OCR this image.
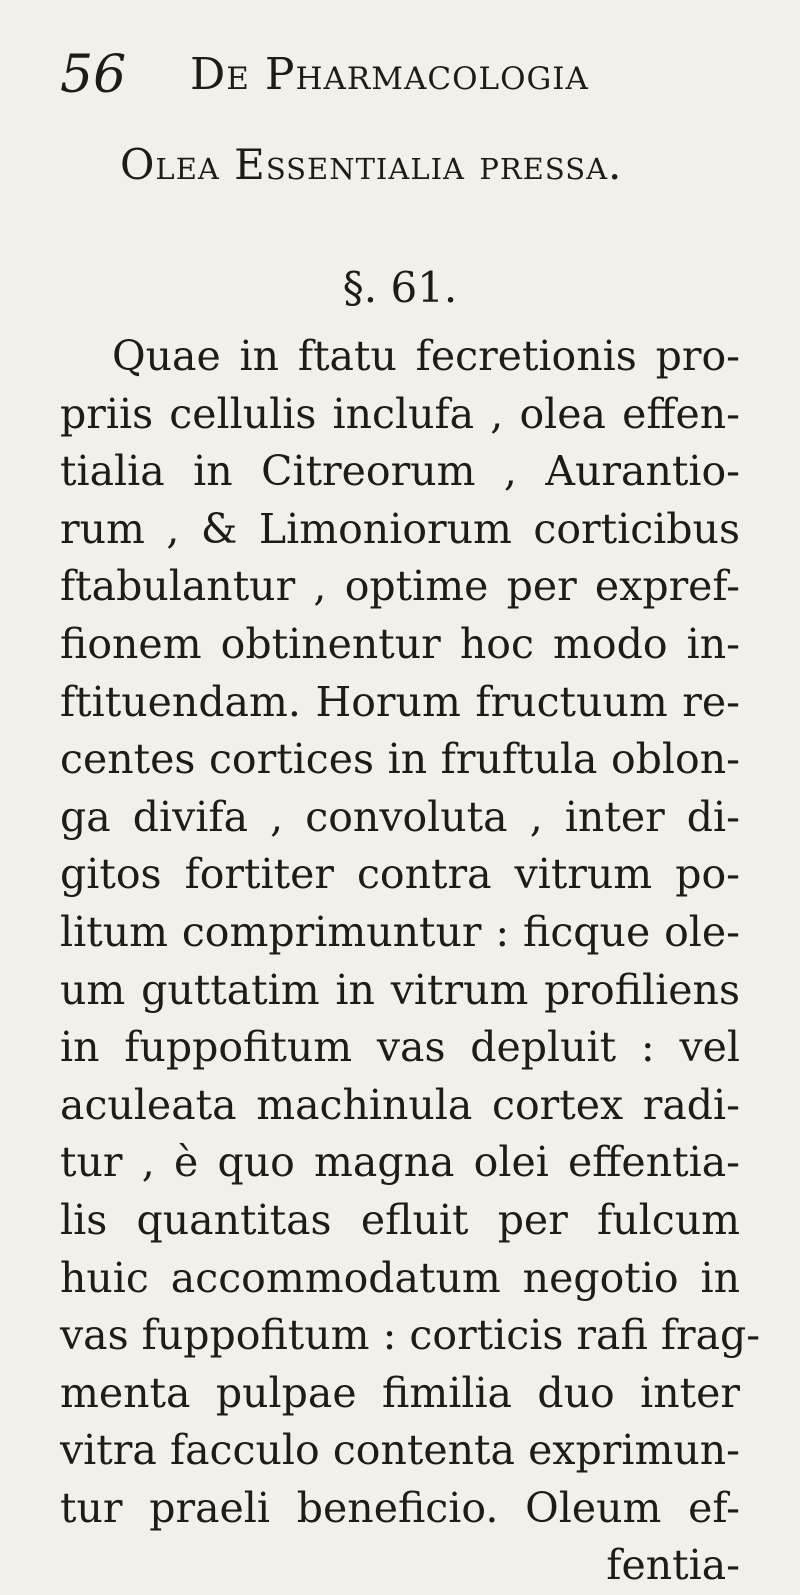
56 De Pharmacologia
Olea Essentialia pressa.
§. 61.
Quae in ftatu fecretionis pro-
priis cellulis inclufa , olea effen-
tialia in Citreorum , Aurantio-
rum , & Limoniorum corticibus
ftabulantur , optime per expref-
fionem obtinentur hoc modo in-
ftituendam. Horum fructuum re-
centes cortices in fruftula oblon-
ga divifa , convoluta , inter di-
gitos fortiter contra vitrum po-
litum comprimuntur : ficque ole-
um guttatim in vitrum profiliens
in fuppofitum vas depluit : vel
aculeata machinula cortex radi-
tur , è quo magna olei effentia-
lis quantitas efluit per fulcum
huic accommodatum negotio in
vas fuppofitum : corticis rafi frag-
menta pulpae fimilia duo inter
vitra facculo contenta exprimun-
tur praeli beneficio. Oleum ef-
fentia-
